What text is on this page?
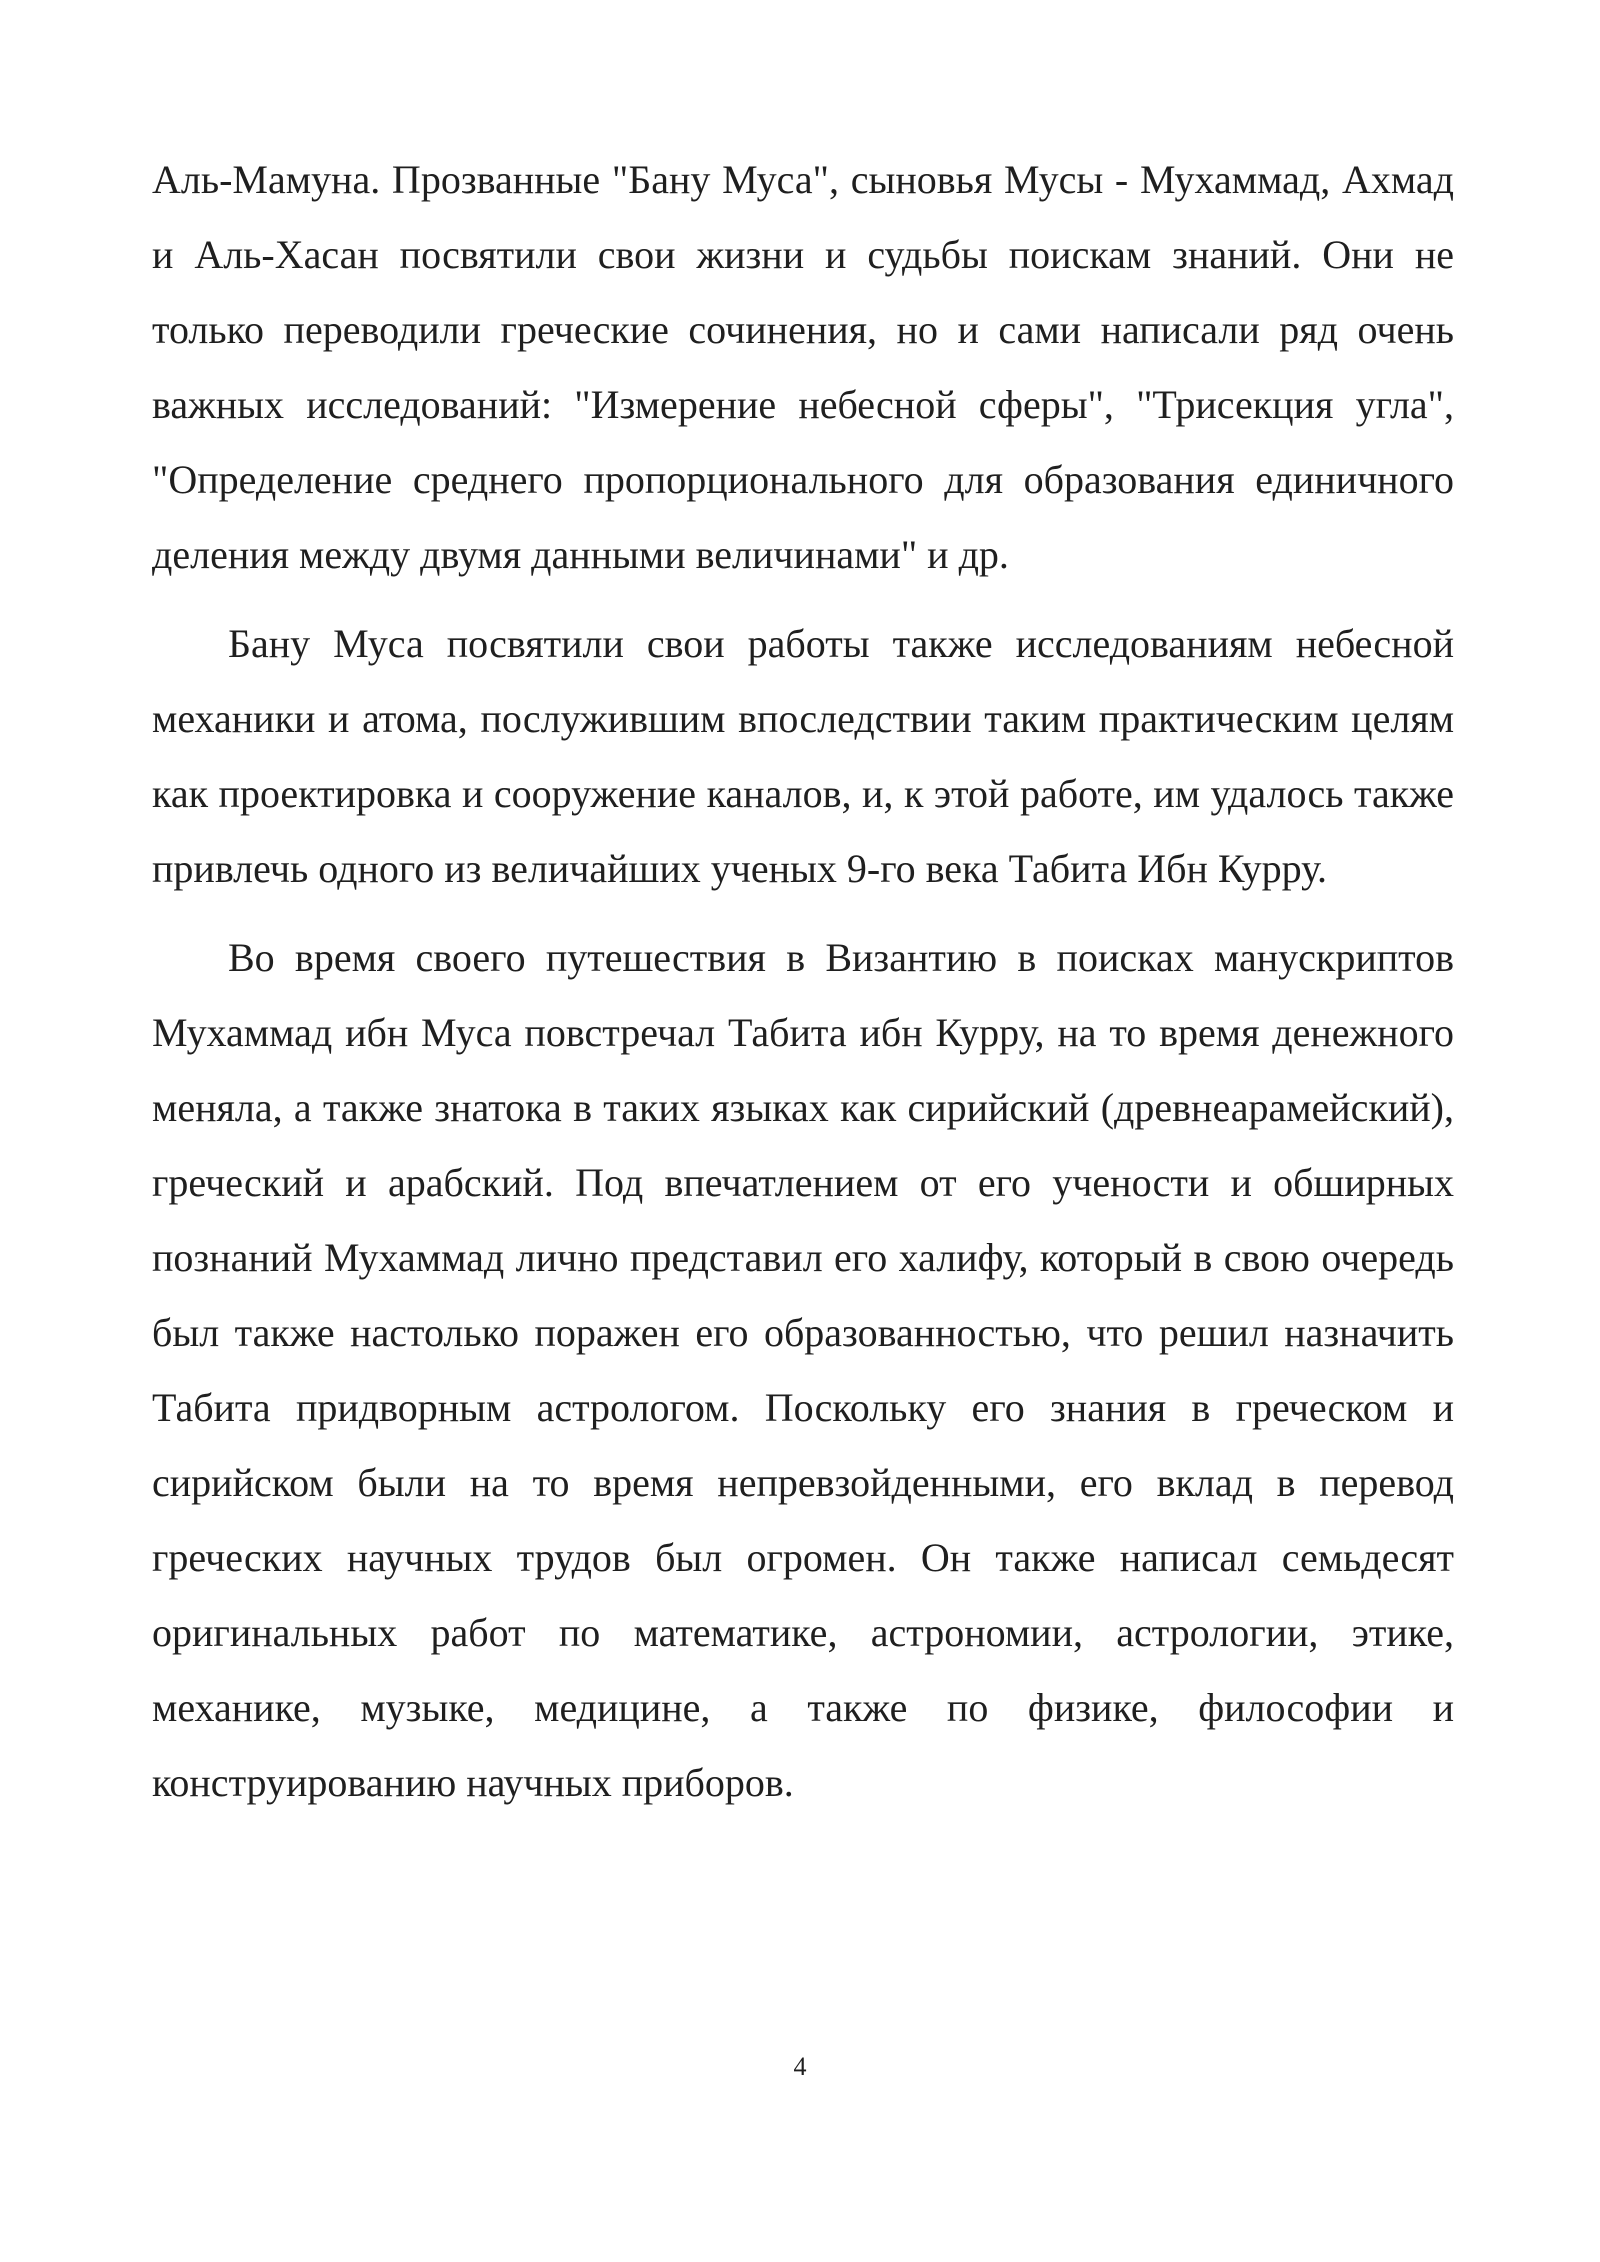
Аль-Мамуна. Прозванные "Бану Муса", сыновья Мусы - Мухаммад, Ахмад и Аль-Хасан посвятили свои жизни и судьбы поискам знаний. Они не только переводили греческие сочинения, но и сами написали ряд очень важных исследований: "Измерение небесной сферы", "Трисекция угла", "Определение среднего пропорционального для образования единичного деления между двумя данными величинами" и др.

Бану Муса посвятили свои работы также исследованиям небесной механики и атома, послужившим впоследствии таким практическим целям как проектировка и сооружение каналов, и, к этой работе, им удалось также привлечь одного из величайших ученых 9-го века Табита Ибн Курру.

Во время своего путешествия в Византию в поисках манускриптов Мухаммад ибн Муса повстречал Табита ибн Курру, на то время денежного меняла, а также знатока в таких языках как сирийский (древнеарамейский), греческий и арабский. Под впечатлением от его учености и обширных познаний Мухаммад лично представил его халифу, который в свою очередь был также настолько поражен его образованностью, что решил назначить Табита придворным астрологом. Поскольку его знания в греческом и сирийском были на то время непревзойденными, его вклад в перевод греческих научных трудов был огромен. Он также написал семьдесят оригинальных работ по математике, астрономии, астрологии, этике, механике, музыке, медицине, а также по физике, философии и конструированию научных приборов.

4
